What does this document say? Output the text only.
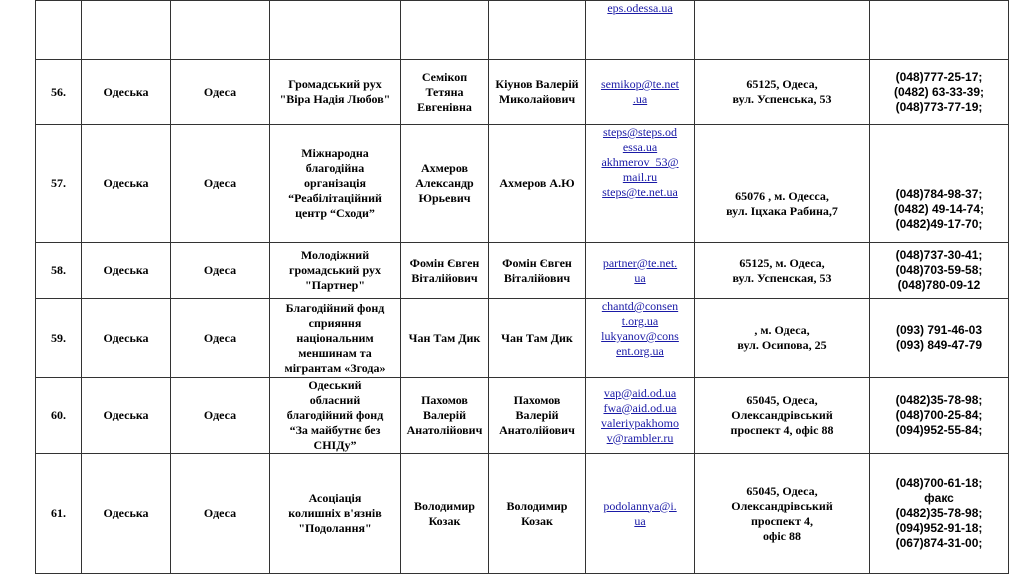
						eps.odessa.ua		

56.	Одеська	Одеса	Громадський рух
"Віра Надія Любов"	Семікоп Тетяна Евгенівна	Кіунов Валерій Миколайович	semikop@te.net
.ua	65125, Одеса,
вул. Успенська, 53	(048)777-25-17;
(0482) 63-33-39;
(048)773-77-19;

57.	Одеська	Одеса	Міжнародна
благодійна
організація
“Реабілітаційний
центр “Сходи”	Ахмеров Александр Юрьевич	Ахмеров А.Ю	steps@steps.od
essa.ua
akhmerov_53@
mail.ru
steps@te.net.ua	65076 , м. Одесса,
вул. Іцхака Рабина,7	(048)784-98-37;
(0482) 49-14-74;
(0482)49-17-70;

58.	Одеська	Одеса	Молодіжний
громадський рух
"Партнер"	Фомін Євген Віталійович	Фомін Євген Віталійович	partner@te.net.
ua	65125, м. Одеса,
вул. Успенская, 53	(048)737-30-41;
(048)703-59-58;
(048)780-09-12

59.	Одеська	Одеса	Благодійний фонд
сприяння
національним
меншинам та
мігрантам «Згода»	Чан Там Дик	Чан Там Дик	chantd@consen
t.org.ua
lukyanov@cons
ent.org.ua	, м. Одеса,
вул. Осипова, 25	(093) 791-46-03
(093) 849-47-79

60.	Одеська	Одеса	Одеський
обласний
благодійний фонд
“За майбутнє без
СНІДу”	Пахомов Валерій Анатолійович	Пахомов Валерій Анатолійович	vap@aid.od.ua
fwa@aid.od.ua
valeriypakhomo
v@rambler.ru	65045, Одеса,
Олександрівський
проспект 4, офіс 88	(0482)35-78-98;
(048)700-25-84;
(094)952-55-84;

61.	Одеська	Одеса	Асоціація
колишніх в'язнів
"Подолання"	Володимир Козак	Володимир Козак	podolannya@i.
ua	65045, Одеса,
Олександрівський
проспект 4,
офіс 88	(048)700-61-18;
факс
(0482)35-78-98;
(094)952-91-18;
(067)874-31-00;
